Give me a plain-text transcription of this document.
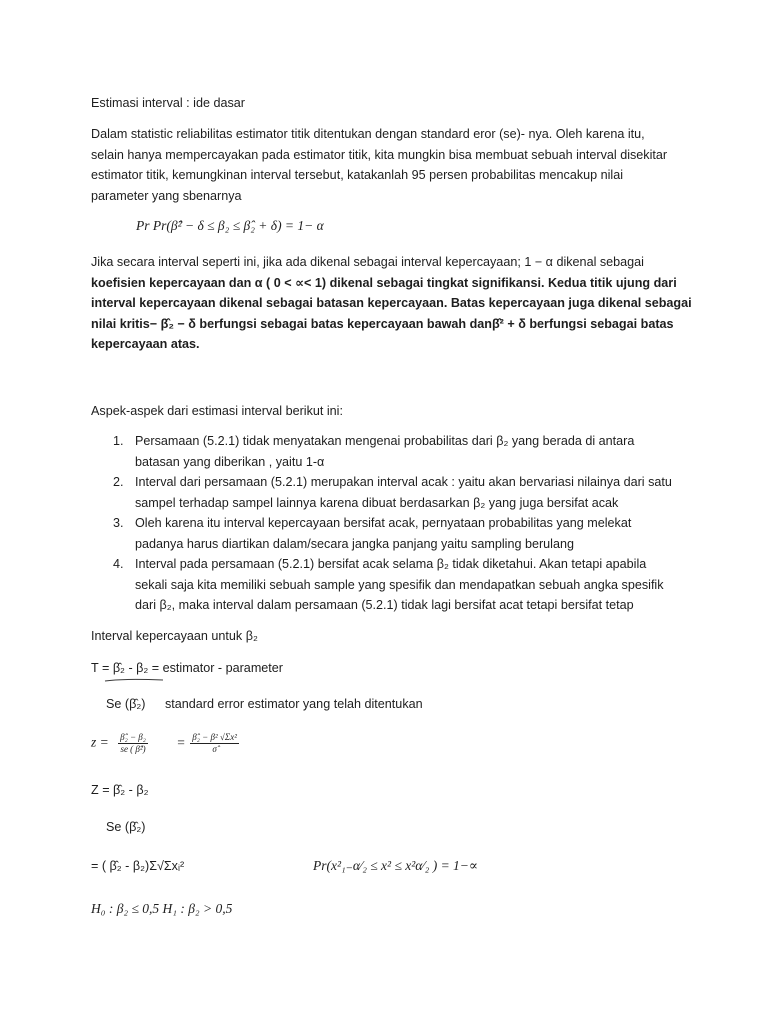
Estimasi interval : ide dasar
Dalam statistic reliabilitas estimator titik ditentukan dengan standard eror (se)- nya. Oleh karena itu,
selain hanya mempercayakan pada estimator titik, kita mungkin bisa membuat sebuah interval disekitar
estimator titik, kemungkinan interval tersebut, katakanlah 95 persen probabilitas mencakup nilai
parameter yang sbenarnya
Pr Pr(β̂² − δ ≤ β₂ ≤ β̂₂ + δ) = 1− α
Jika secara interval seperti ini, jika ada dikenal sebagai interval kepercayaan; 1 − α dikenal sebagai
koefisien kepercayaan dan α ( 0 < ∝< 1) dikenal sebagai tingkat signifikansi. Kedua titik ujung dari
interval kepercayaan dikenal sebagai batasan kepercayaan. Batas kepercayaan juga dikenal sebagai
nilai kritis− β̂₂ − δ berfungsi sebagai batas kepercayaan bawah danβ̂² + δ berfungsi sebagai batas
kepercayaan atas.
Aspek-aspek dari estimasi interval berikut ini:
1. Persamaan (5.2.1) tidak menyatakan mengenai probabilitas dari β₂ yang berada di antara
batasan yang diberikan , yaitu 1-α
2. Interval dari persamaan (5.2.1) merupakan interval acak : yaitu akan bervariasi nilainya dari satu
sampel terhadap sampel lainnya karena dibuat berdasarkan β₂ yang juga bersifat acak
3. Oleh karena itu interval kepercayaan bersifat acak, pernyataan probabilitas yang melekat
padanya harus diartikan dalam/secara jangka panjang yaitu sampling berulang
4. Interval pada persamaan (5.2.1) bersifat acak selama β₂ tidak diketahui. Akan tetapi apabila
sekali saja kita memiliki sebuah sample yang spesifik dan mendapatkan sebuah angka spesifik
dari β₂, maka interval dalam persamaan (5.2.1) tidak lagi bersifat acat tetapi bersifat tetap
Interval kepercayaan untuk β₂
T = β̂₂ - β₂ = estimator - parameter
Se (β̂₂) standard error estimator yang telah ditentukan
$z = \frac{\text{β̂₂ − β₂}}{\text{se ( β̂²)}} = \frac{\text{β̂₂ − β² √Σx²}}{\sigmâ}$
Z = β̂₂ - β₂
Se (β̂₂)
= ( β̂₂ - β₂)Σ√Σxᵢ²	Pr(x²₁₋α⁄₂ ≤ x² ≤ x²α⁄₂ ) = 1−∝
H₀ : β₂ ≤ 0,5 H₁ : β₂ > 0,5
